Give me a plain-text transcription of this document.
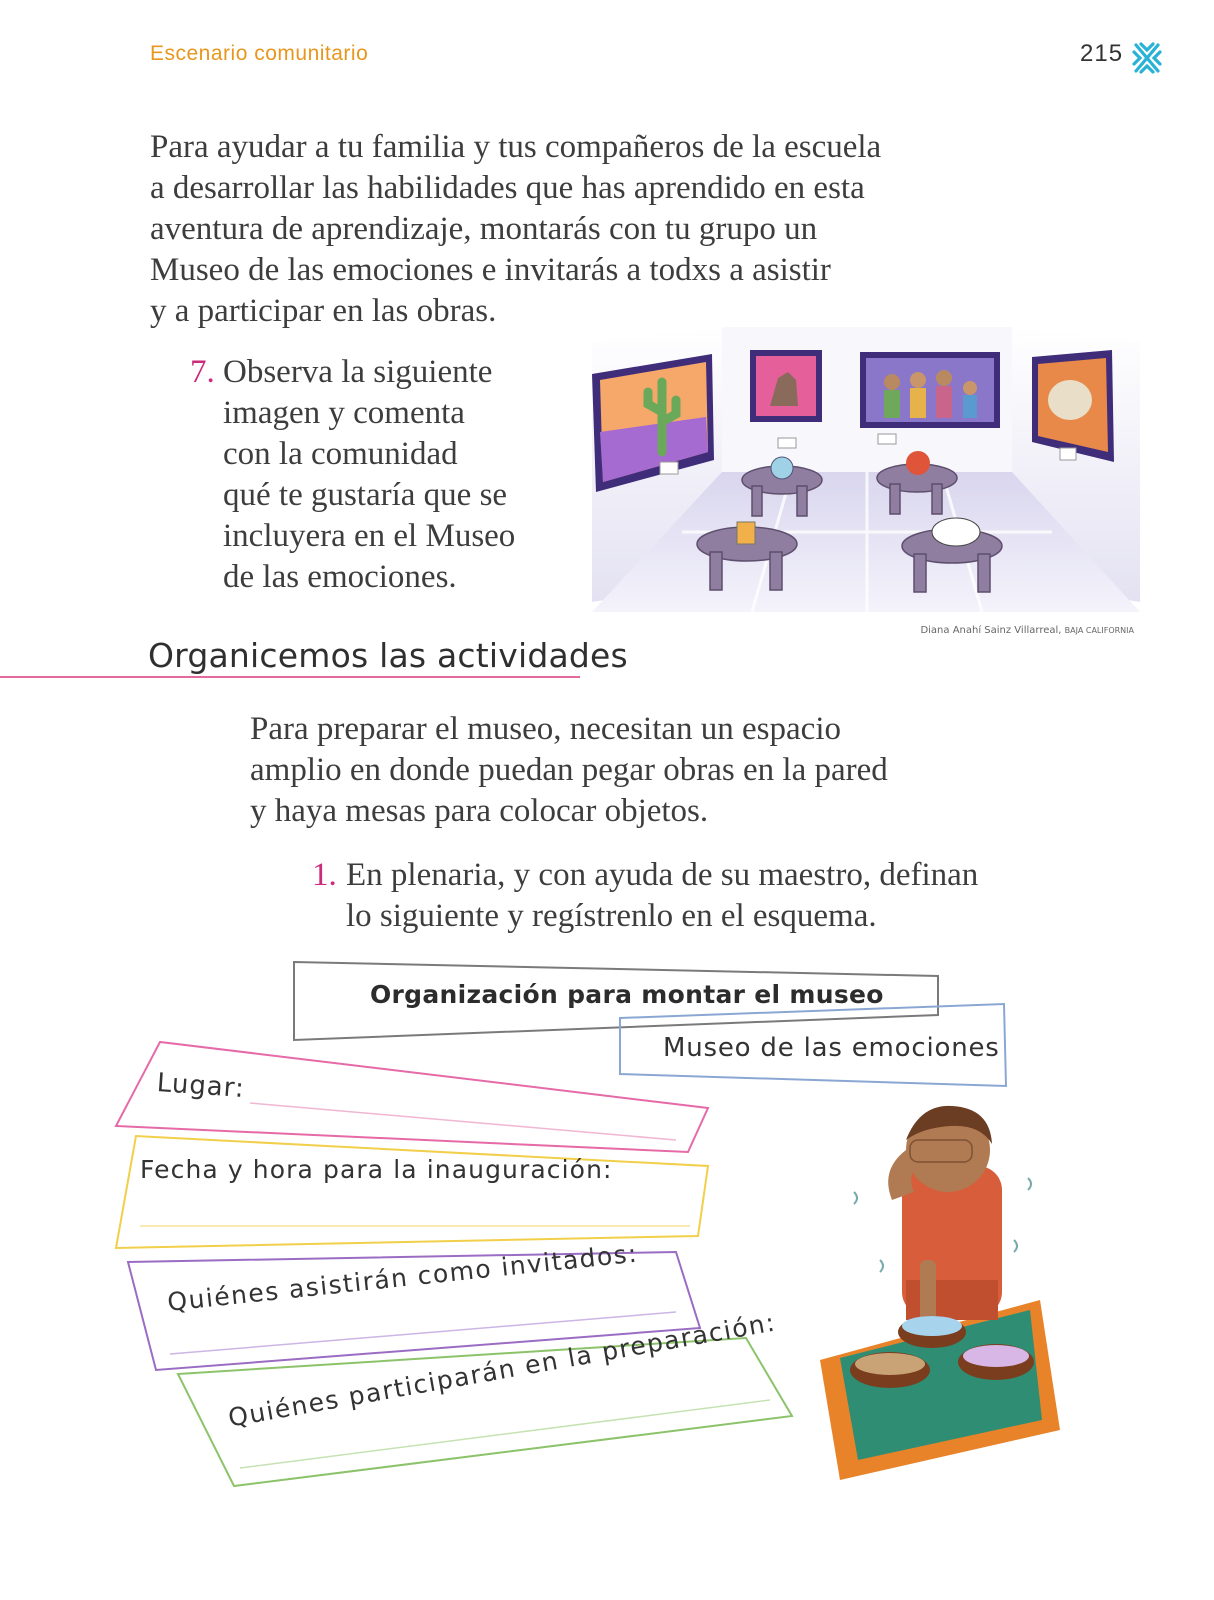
Escenario comunitario	215
Para ayudar a tu familia y tus compañeros de la escuela
a desarrollar las habilidades que has aprendido en esta
aventura de aprendizaje, montarás con tu grupo un
Museo de las emociones e invitarás a todxs a asistir
y a participar en las obras.
7. Observa la siguiente
imagen y comenta
con la comunidad
qué te gustaría que se
incluyera en el Museo
de las emociones.
Diana Anahí Sainz Villarreal, BAJA CALIFORNIA
Organicemos las actividades
Para preparar el museo, necesitan un espacio
amplio en donde puedan pegar obras en la pared
y haya mesas para colocar objetos.
1. En plenaria, y con ayuda de su maestro, definan
lo siguiente y regístrenlo en el esquema.
Organización para montar el museo
Museo de las emociones
Lugar:
Fecha y hora para la inauguración:
Quiénes asistirán como invitados:
Quiénes participarán en la preparación:
